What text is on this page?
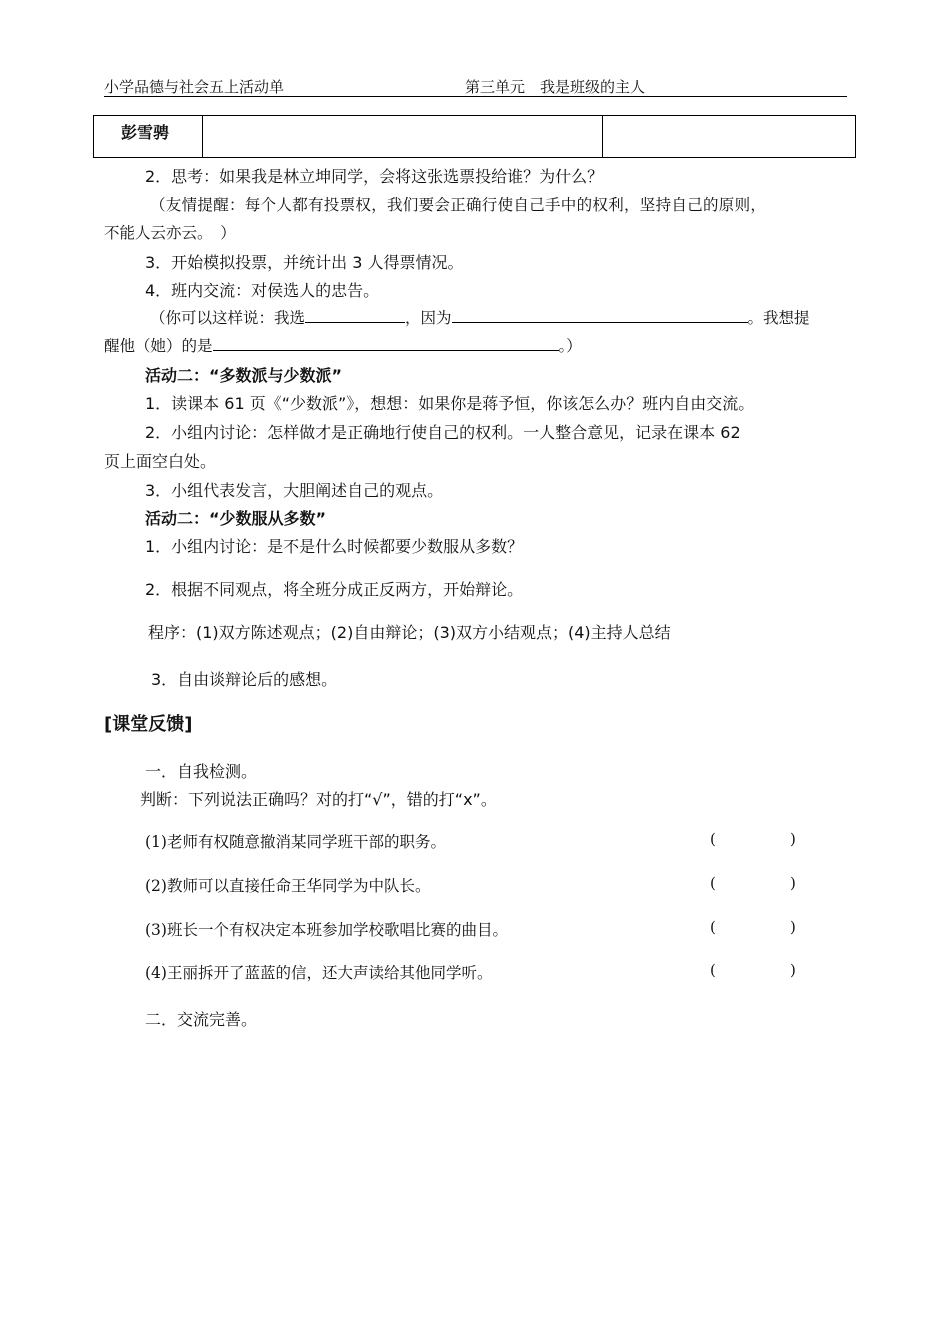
小学品德与社会五上活动单	第三单元　我是班级的主人
彭雪骋
2．思考：如果我是林立坤同学，会将这张选票投给谁？为什么？
（友情提醒：每个人都有投票权，我们要会正确行使自己手中的权利，坚持自己的原则，
不能人云亦云。　）
3．开始模拟投票，并统计出 3 人得票情况。
4．班内交流：对侯选人的忠告。
（你可以这样说：我选	，因为	。我想提
醒他（她）的是	。）
活动二：“多数派与少数派”
1．读课本 61 页《“少数派”》，想想：如果你是蒋予恒，你该怎么办？班内自由交流。
2．小组内讨论：怎样做才是正确地行使自己的权利。一人整合意见，记录在课本 62
页上面空白处。
3．小组代表发言，大胆阐述自己的观点。
活动二：“少数服从多数”
1．小组内讨论：是不是什么时候都要少数服从多数？
2．根据不同观点，将全班分成正反两方，开始辩论。
程序：(1)双方陈述观点；(2)自由辩论；(3)双方小结观点；(4)主持人总结
3．自由谈辩论后的感想。
[课堂反馈]
一．自我检测。
判断：下列说法正确吗？对的打“√”，错的打“x”。
(1)老师有权随意撤消某同学班干部的职务。	(	)
(2)教师可以直接任命王华同学为中队长。	(	)
(3)班长一个有权决定本班参加学校歌唱比赛的曲目。	(	)
(4)王丽拆开了蓝蓝的信，还大声读给其他同学听。	(	)
二．交流完善。
